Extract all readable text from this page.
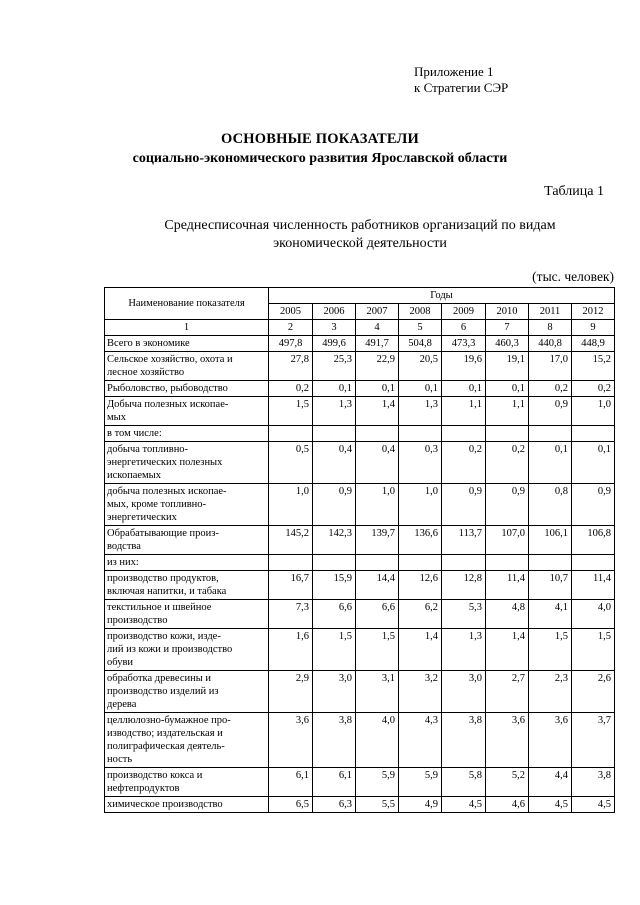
Приложение 1
к Стратегии СЭР
ОСНОВНЫЕ ПОКАЗАТЕЛИ
социально-экономического развития Ярославской области
Таблица 1
Среднесписочная численность работников организаций по видам
экономической деятельности
(тыс. человек)
Наименование показателя	Годы							
	2005	2006	2007	2008	2009	2010	2011	2012
1	2	3	4	5	6	7	8	9

Всего в экономике	497,8	499,6	491,7	504,8	473,3	460,3	440,8	448,9

Сельское хозяйство, охота и
лесное хозяйство	27,8	25,3	22,9	20,5	19,6	19,1	17,0	15,2

Рыболовство, рыбоводство	0,2	0,1	0,1	0,1	0,1	0,1	0,2	0,2

Добыча полезных ископае-
мых	1,5	1,3	1,4	1,3	1,1	1,1	0,9	1,0

в том числе:								

добыча топливно-
энергетических полезных
ископаемых	0,5	0,4	0,4	0,3	0,2	0,2	0,1	0,1

добыча полезных ископае-
мых, кроме топливно-
энергетических	1,0	0,9	1,0	1,0	0,9	0,9	0,8	0,9

Обрабатывающие произ-
водства	145,2	142,3	139,7	136,6	113,7	107,0	106,1	106,8

из них:								

производство продуктов,
включая напитки, и табака	16,7	15,9	14,4	12,6	12,8	11,4	10,7	11,4

текстильное и швейное
производство	7,3	6,6	6,6	6,2	5,3	4,8	4,1	4,0

производство кожи, изде-
лий из кожи и производство
обуви	1,6	1,5	1,5	1,4	1,3	1,4	1,5	1,5

обработка древесины и
производство изделий из
дерева	2,9	3,0	3,1	3,2	3,0	2,7	2,3	2,6

целлюлозно-бумажное про-
изводство; издательская и
полиграфическая деятель-
ность	3,6	3,8	4,0	4,3	3,8	3,6	3,6	3,7

производство кокса и
нефтепродуктов	6,1	6,1	5,9	5,9	5,8	5,2	4,4	3,8

химическое производство	6,5	6,3	5,5	4,9	4,5	4,6	4,5	4,5
